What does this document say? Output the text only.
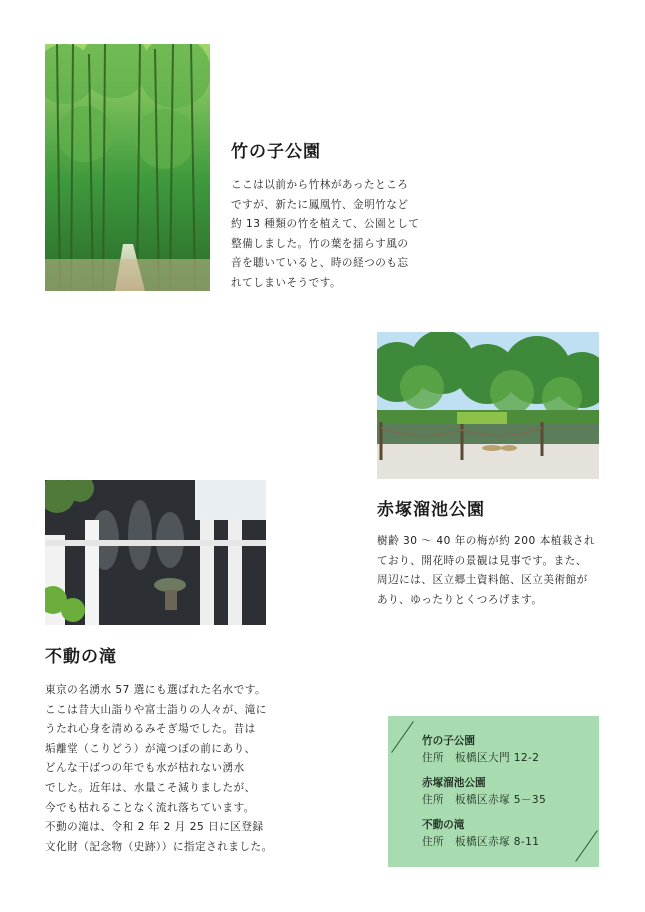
竹の子公園
ここは以前から竹林があったところ
ですが、新たに鳳凰竹、金明竹など
約 13 種類の竹を植えて、公園として
整備しました。竹の葉を揺らす風の
音を聴いていると、時の経つのも忘
れてしまいそうです。
赤塚溜池公園
樹齢 30 ～ 40 年の梅が約 200 本植栽され
ており、開花時の景観は見事です。また、
周辺には、区立郷土資料館、区立美術館が
あり、ゆったりとくつろげます。
不動の滝
東京の名湧水 57 選にも選ばれた名水です。
ここは昔大山詣りや富士詣りの人々が、滝に
うたれ心身を清めるみそぎ場でした。昔は
垢離堂（こりどう）が滝つぼの前にあり、
どんな干ばつの年でも水が枯れない湧水
でした。近年は、水量こそ減りましたが、
今でも枯れることなく流れ落ちています。
不動の滝は、令和 2 年 2 月 25 日に区登録
文化財（記念物（史跡））に指定されました。
竹の子公園
住所　板橋区大門 12-2
赤塚溜池公園
住所　板橋区赤塚 5－35
不動の滝
住所　板橋区赤塚 8-11
